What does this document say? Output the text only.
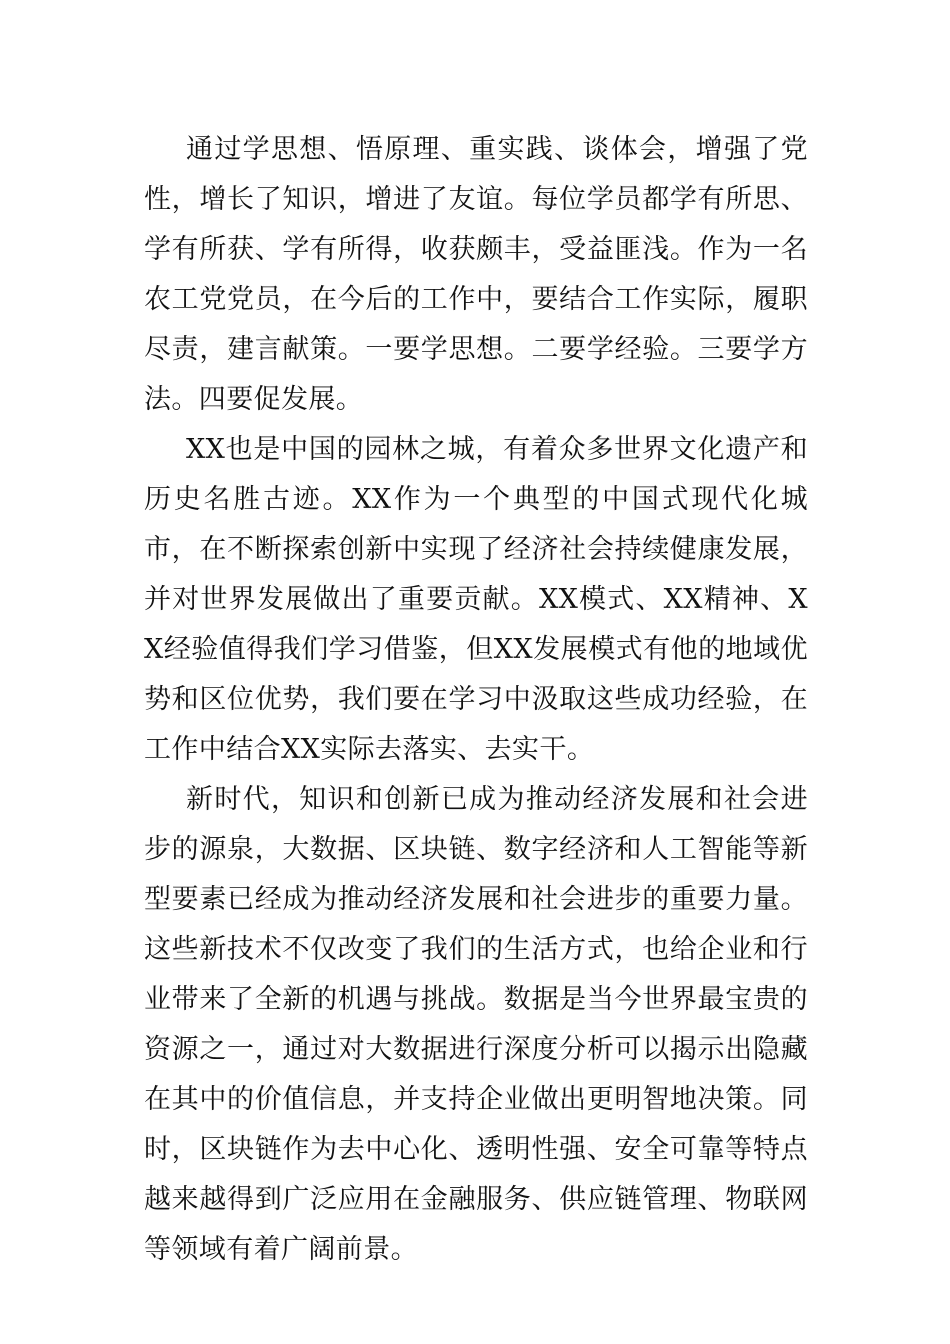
通过学思想、悟原理、重实践、谈体会，增强了党性，增长了知识，增进了友谊。每位学员都学有所思、学有所获、学有所得，收获颇丰，受益匪浅。作为一名农工党党员，在今后的工作中，要结合工作实际，履职尽责，建言献策。一要学思想。二要学经验。三要学方法。四要促发展。

XX也是中国的园林之城，有着众多世界文化遗产和历史名胜古迹。XX作为一个典型的中国式现代化城市，在不断探索创新中实现了经济社会持续健康发展，并对世界发展做出了重要贡献。XX模式、XX精神、XX经验值得我们学习借鉴，但XX发展模式有他的地域优势和区位优势，我们要在学习中汲取这些成功经验，在工作中结合XX实际去落实、去实干。

新时代，知识和创新已成为推动经济发展和社会进步的源泉，大数据、区块链、数字经济和人工智能等新型要素已经成为推动经济发展和社会进步的重要力量。这些新技术不仅改变了我们的生活方式，也给企业和行业带来了全新的机遇与挑战。数据是当今世界最宝贵的资源之一，通过对大数据进行深度分析可以揭示出隐藏在其中的价值信息，并支持企业做出更明智地决策。同时，区块链作为去中心化、透明性强、安全可靠等特点越来越得到广泛应用在金融服务、供应链管理、物联网等领域有着广阔前景。
